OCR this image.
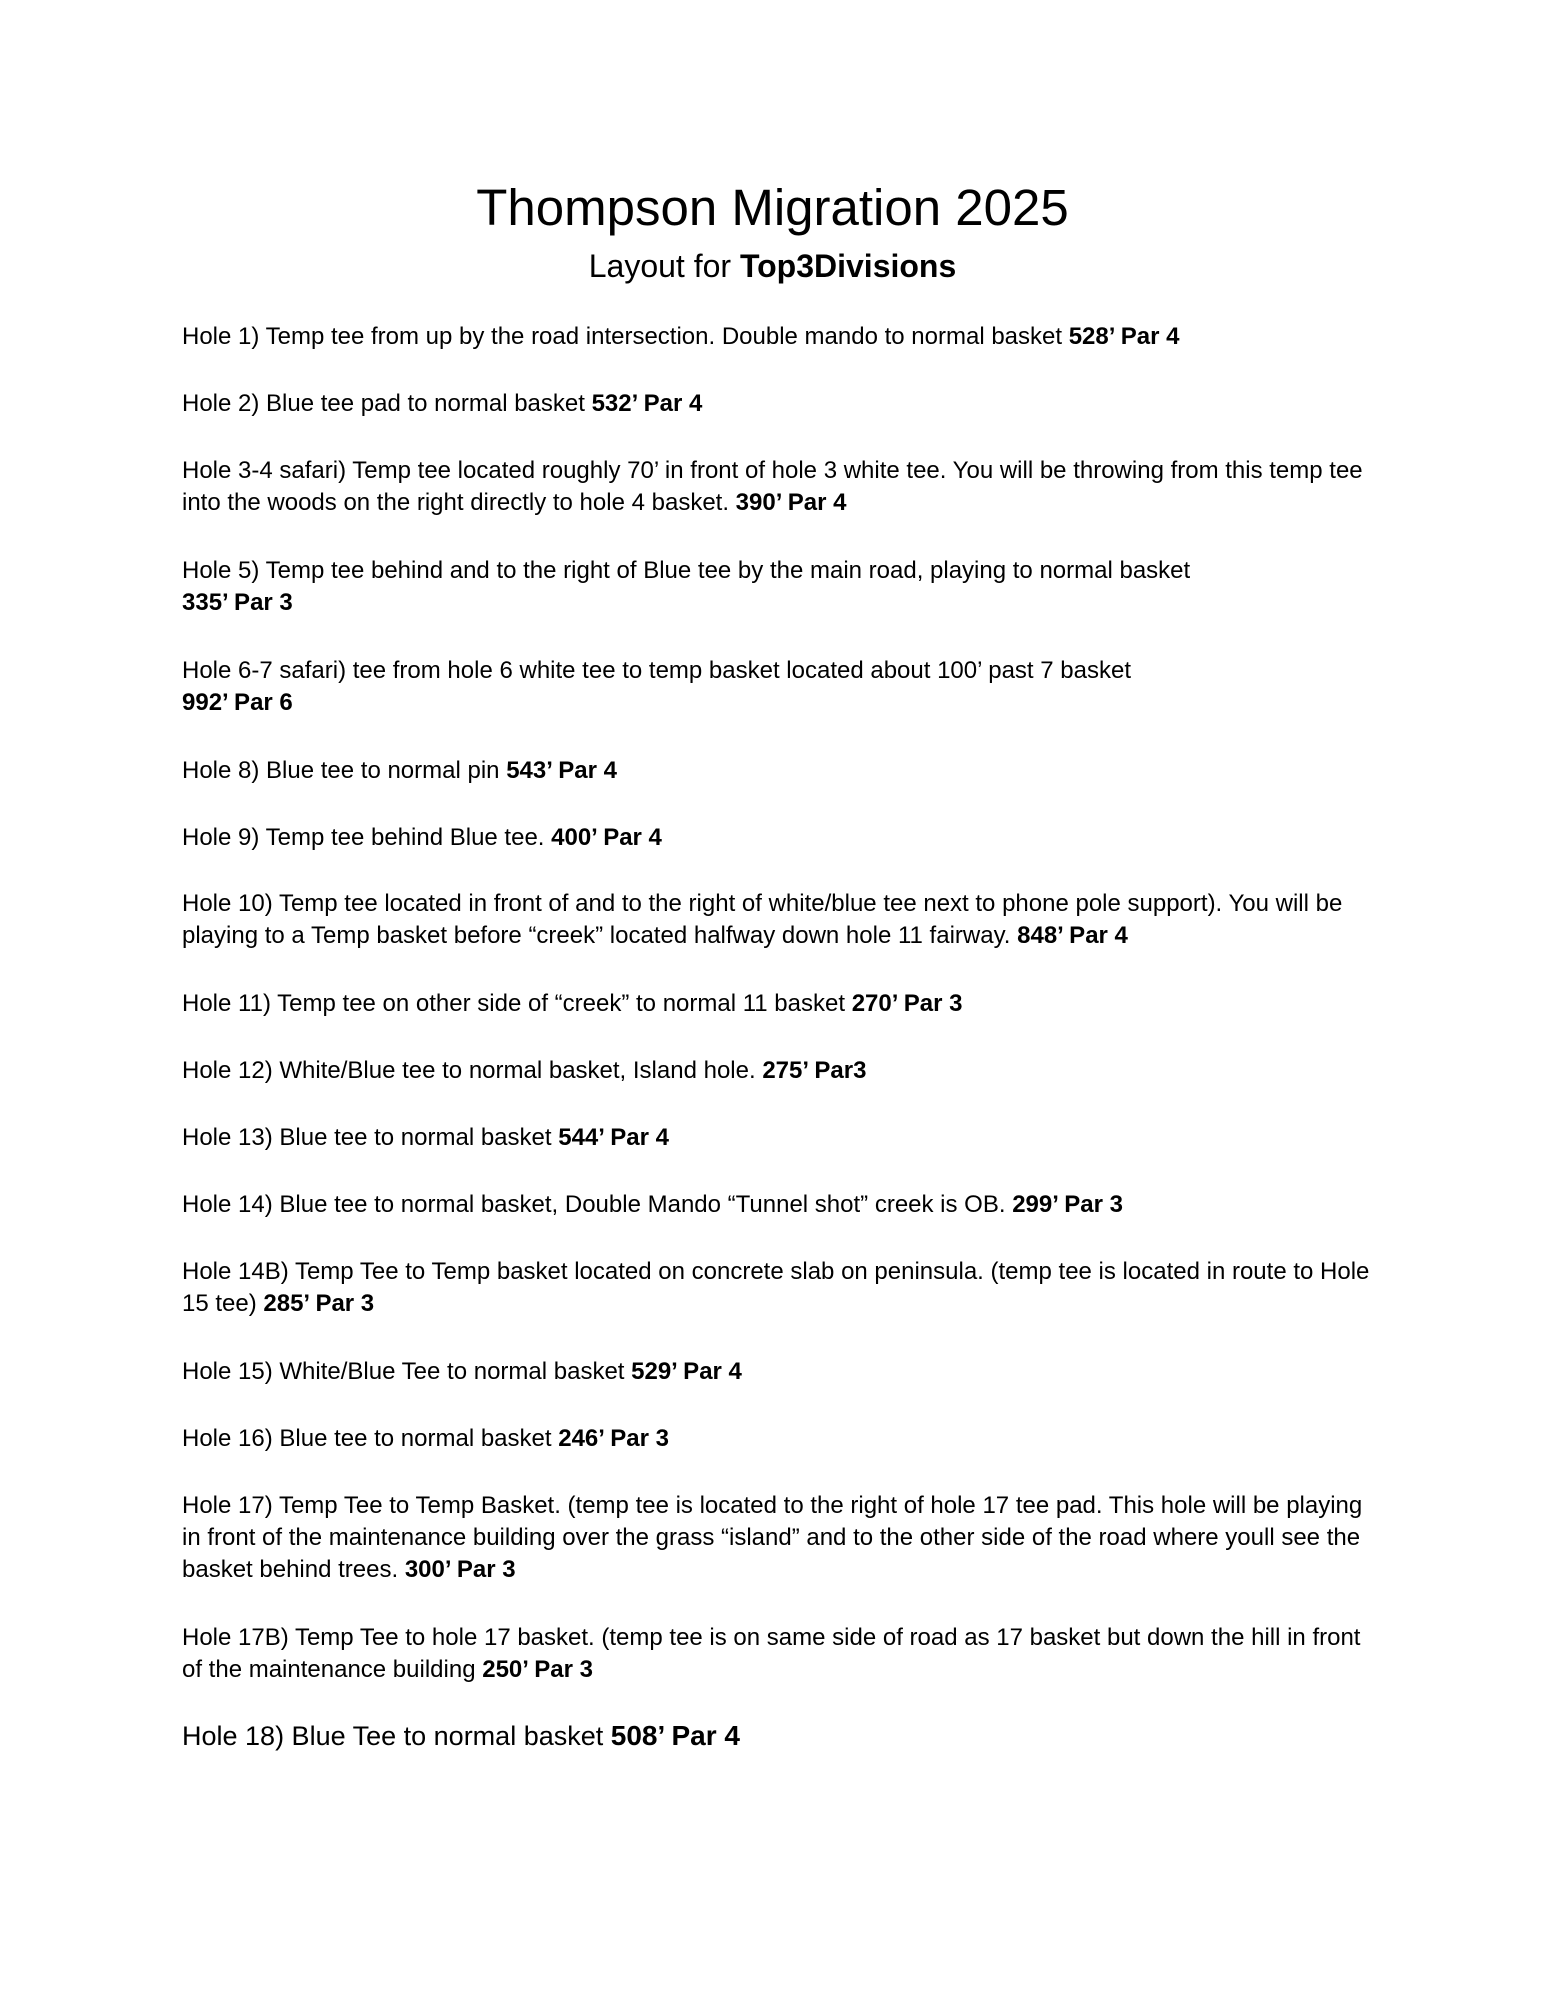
Thompson Migration 2025
Layout for Top3Divisions

Hole 1) Temp tee from up by the road intersection. Double mando to normal basket 528’ Par 4

Hole 2) Blue tee pad to normal basket 532’ Par 4

Hole 3-4 safari) Temp tee located roughly 70’ in front of hole 3 white tee. You will be throwing from this temp tee into the woods on the right directly to hole 4 basket. 390’ Par 4

Hole 5) Temp tee behind and to the right of Blue tee by the main road, playing to normal basket
335’ Par 3

Hole 6-7 safari) tee from hole 6 white tee to temp basket located about 100’ past 7 basket
992’ Par 6

Hole 8) Blue tee to normal pin 543’ Par 4

Hole 9) Temp tee behind Blue tee. 400’ Par 4

Hole 10) Temp tee located in front of and to the right of white/blue tee next to phone pole support). You will be playing to a Temp basket before “creek” located halfway down hole 11 fairway. 848’ Par 4

Hole 11) Temp tee on other side of “creek” to normal 11 basket 270’ Par 3

Hole 12) White/Blue tee to normal basket, Island hole. 275’ Par3

Hole 13) Blue tee to normal basket 544’ Par 4

Hole 14) Blue tee to normal basket, Double Mando “Tunnel shot” creek is OB. 299’ Par 3

Hole 14B) Temp Tee to Temp basket located on concrete slab on peninsula. (temp tee is located in route to Hole 15 tee) 285’ Par 3

Hole 15) White/Blue Tee to normal basket 529’ Par 4

Hole 16) Blue tee to normal basket 246’ Par 3

Hole 17) Temp Tee to Temp Basket. (temp tee is located to the right of hole 17 tee pad. This hole will be playing in front of the maintenance building over the grass “island” and to the other side of the road where youll see the basket behind trees. 300’ Par 3

Hole 17B) Temp Tee to hole 17 basket. (temp tee is on same side of road as 17 basket but down the hill in front of the maintenance building 250’ Par 3

Hole 18) Blue Tee to normal basket 508’ Par 4
